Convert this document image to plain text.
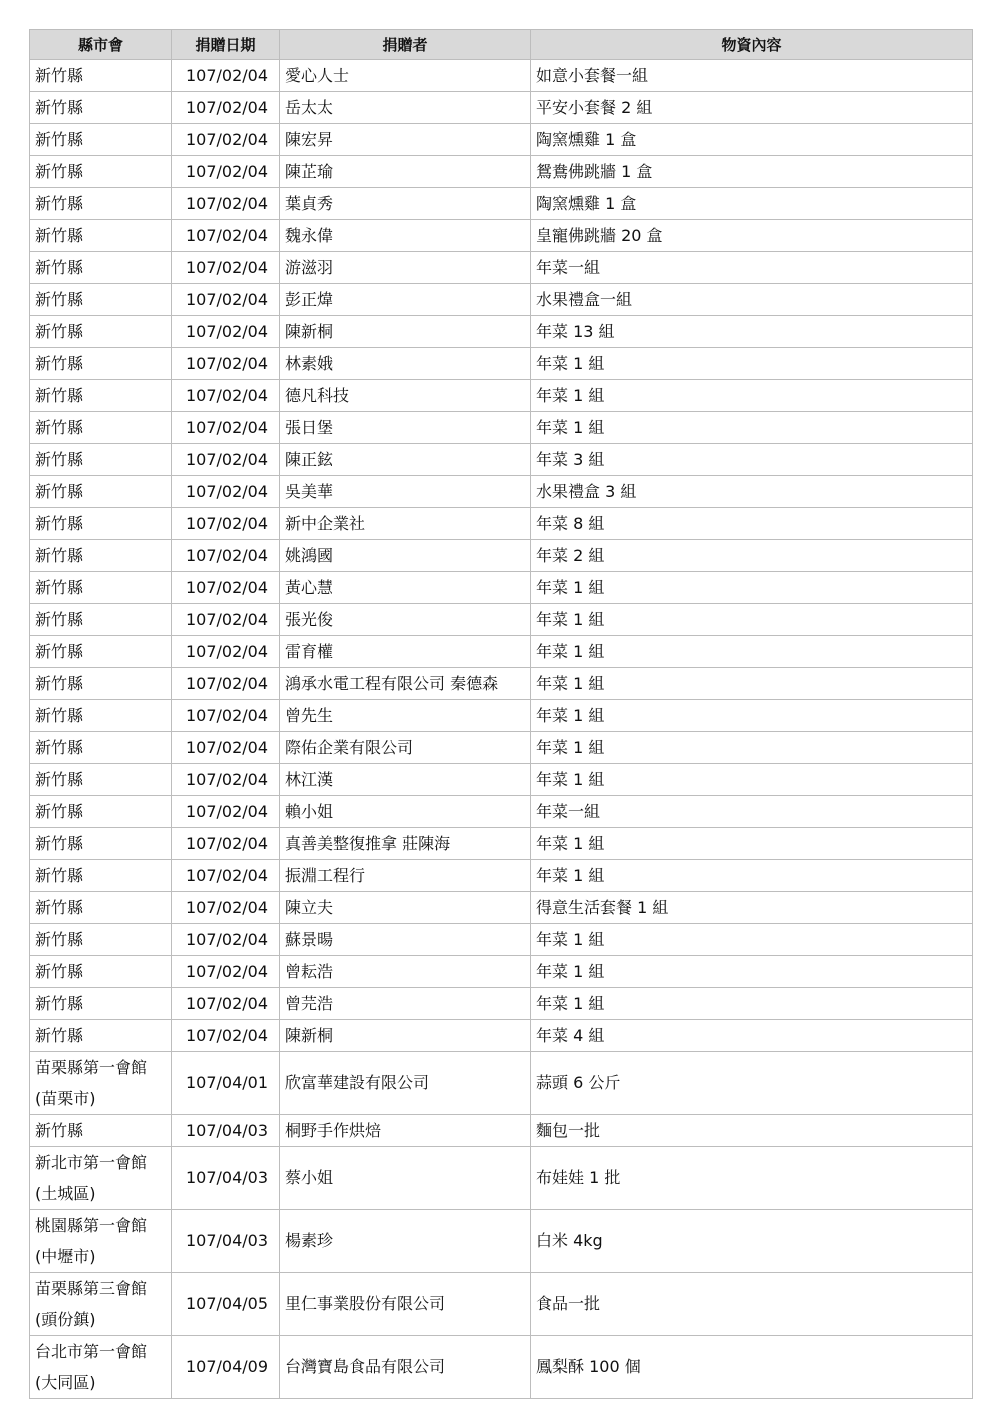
縣市會	捐贈日期	捐贈者	物資內容
新竹縣	107/02/04	愛心人士	如意小套餐一組
新竹縣	107/02/04	岳太太	平安小套餐 2 組
新竹縣	107/02/04	陳宏昇	陶窯燻雞 1 盒
新竹縣	107/02/04	陳芷瑜	鴛鴦佛跳牆 1 盒
新竹縣	107/02/04	葉貞秀	陶窯燻雞 1 盒
新竹縣	107/02/04	魏永偉	皇寵佛跳牆 20 盒
新竹縣	107/02/04	游滋羽	年菜一組
新竹縣	107/02/04	彭正煒	水果禮盒一組
新竹縣	107/02/04	陳新桐	年菜 13 組
新竹縣	107/02/04	林素娥	年菜 1 組
新竹縣	107/02/04	德凡科技	年菜 1 組
新竹縣	107/02/04	張日堡	年菜 1 組
新竹縣	107/02/04	陳正鉉	年菜 3 組
新竹縣	107/02/04	吳美華	水果禮盒 3 組
新竹縣	107/02/04	新中企業社	年菜 8 組
新竹縣	107/02/04	姚鴻國	年菜 2 組
新竹縣	107/02/04	黃心慧	年菜 1 組
新竹縣	107/02/04	張光俊	年菜 1 組
新竹縣	107/02/04	雷育權	年菜 1 組
新竹縣	107/02/04	鴻承水電工程有限公司 秦德森	年菜 1 組
新竹縣	107/02/04	曾先生	年菜 1 組
新竹縣	107/02/04	際佑企業有限公司	年菜 1 組
新竹縣	107/02/04	林江漢	年菜 1 組
新竹縣	107/02/04	賴小姐	年菜一組
新竹縣	107/02/04	真善美整復推拿 莊陳海	年菜 1 組
新竹縣	107/02/04	振淵工程行	年菜 1 組
新竹縣	107/02/04	陳立夫	得意生活套餐 1 組
新竹縣	107/02/04	蘇景暘	年菜 1 組
新竹縣	107/02/04	曾耘浩	年菜 1 組
新竹縣	107/02/04	曾芫浩	年菜 1 組
新竹縣	107/02/04	陳新桐	年菜 4 組
苗栗縣第一會館(苗栗市)	107/04/01	欣富華建設有限公司	蒜頭 6 公斤
新竹縣	107/04/03	桐野手作烘焙	麵包一批
新北市第一會館(土城區)	107/04/03	蔡小姐	布娃娃 1 批
桃園縣第一會館(中壢市)	107/04/03	楊素珍	白米 4kg
苗栗縣第三會館(頭份鎮)	107/04/05	里仁事業股份有限公司	食品一批
台北市第一會館(大同區)	107/04/09	台灣寶島食品有限公司	鳳梨酥 100 個
